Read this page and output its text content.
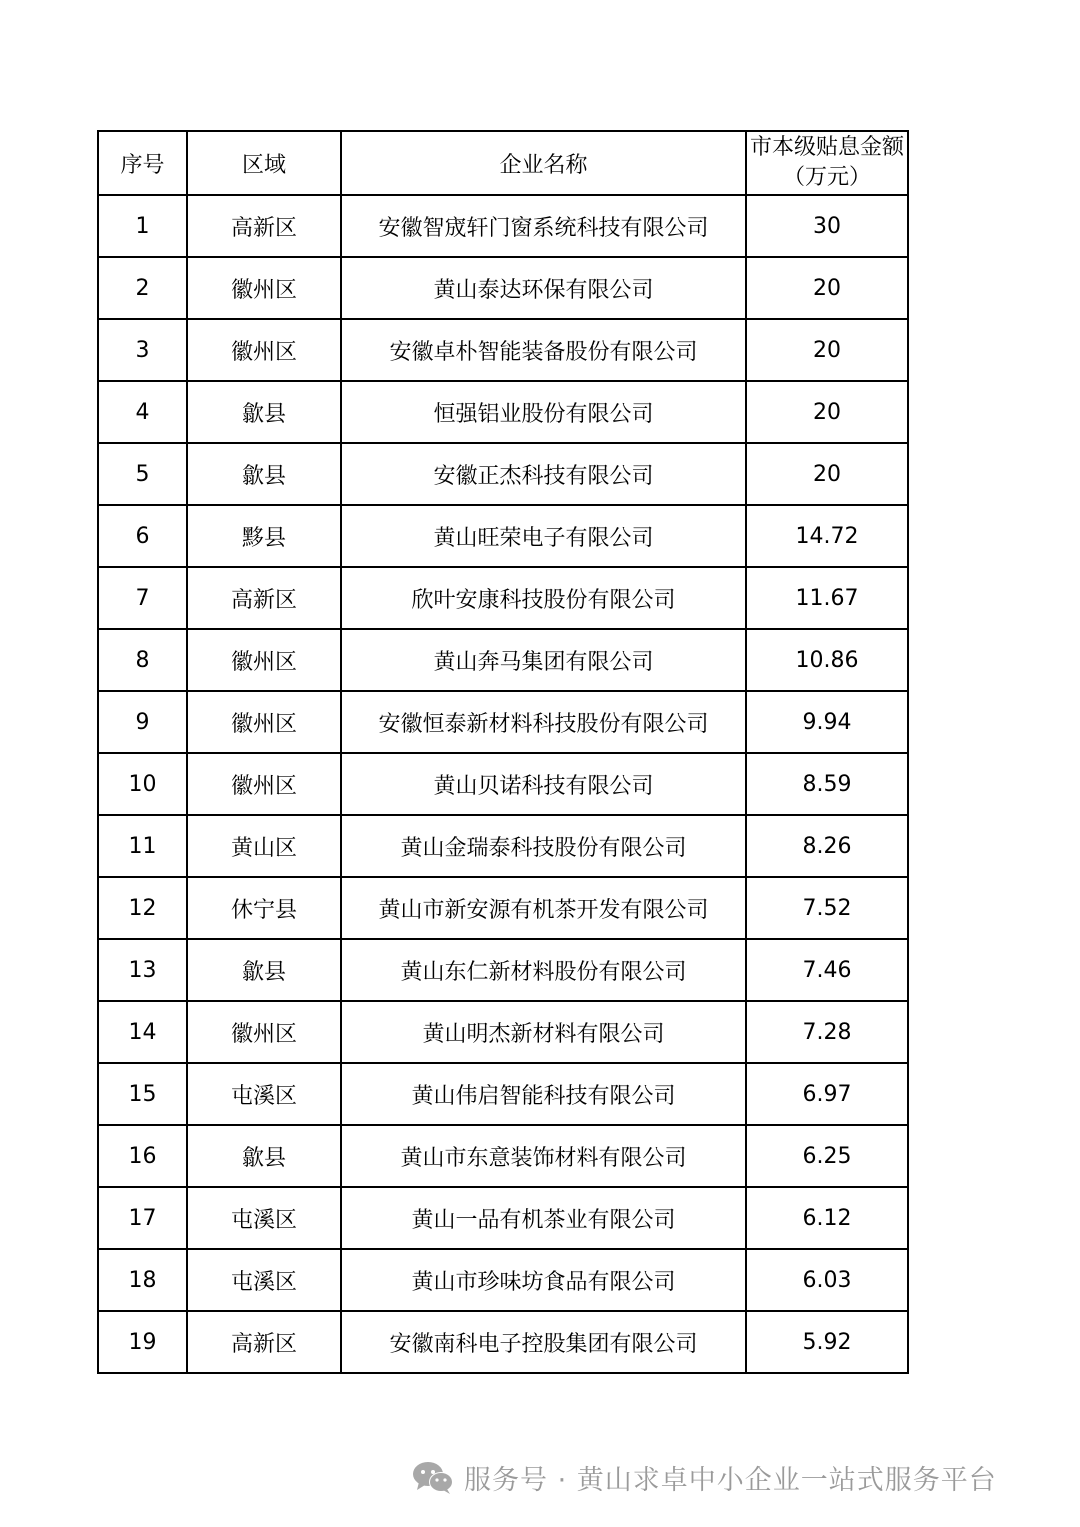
序号	区域	企业名称	市本级贴息金额（万元）
1	高新区	安徽智宬轩门窗系统科技有限公司	30
2	徽州区	黄山泰达环保有限公司	20
3	徽州区	安徽卓朴智能装备股份有限公司	20
4	歙县	恒强铝业股份有限公司	20
5	歙县	安徽正杰科技有限公司	20
6	黟县	黄山旺荣电子有限公司	14.72
7	高新区	欣叶安康科技股份有限公司	11.67
8	徽州区	黄山奔马集团有限公司	10.86
9	徽州区	安徽恒泰新材料科技股份有限公司	9.94
10	徽州区	黄山贝诺科技有限公司	8.59
11	黄山区	黄山金瑞泰科技股份有限公司	8.26
12	休宁县	黄山市新安源有机茶开发有限公司	7.52
13	歙县	黄山东仁新材料股份有限公司	7.46
14	徽州区	黄山明杰新材料有限公司	7.28
15	屯溪区	黄山伟启智能科技有限公司	6.97
16	歙县	黄山市东意装饰材料有限公司	6.25
17	屯溪区	黄山一品有机茶业有限公司	6.12
18	屯溪区	黄山市珍味坊食品有限公司	6.03
19	高新区	安徽南科电子控股集团有限公司	5.92
服务号 · 黄山求卓中小企业一站式服务平台
